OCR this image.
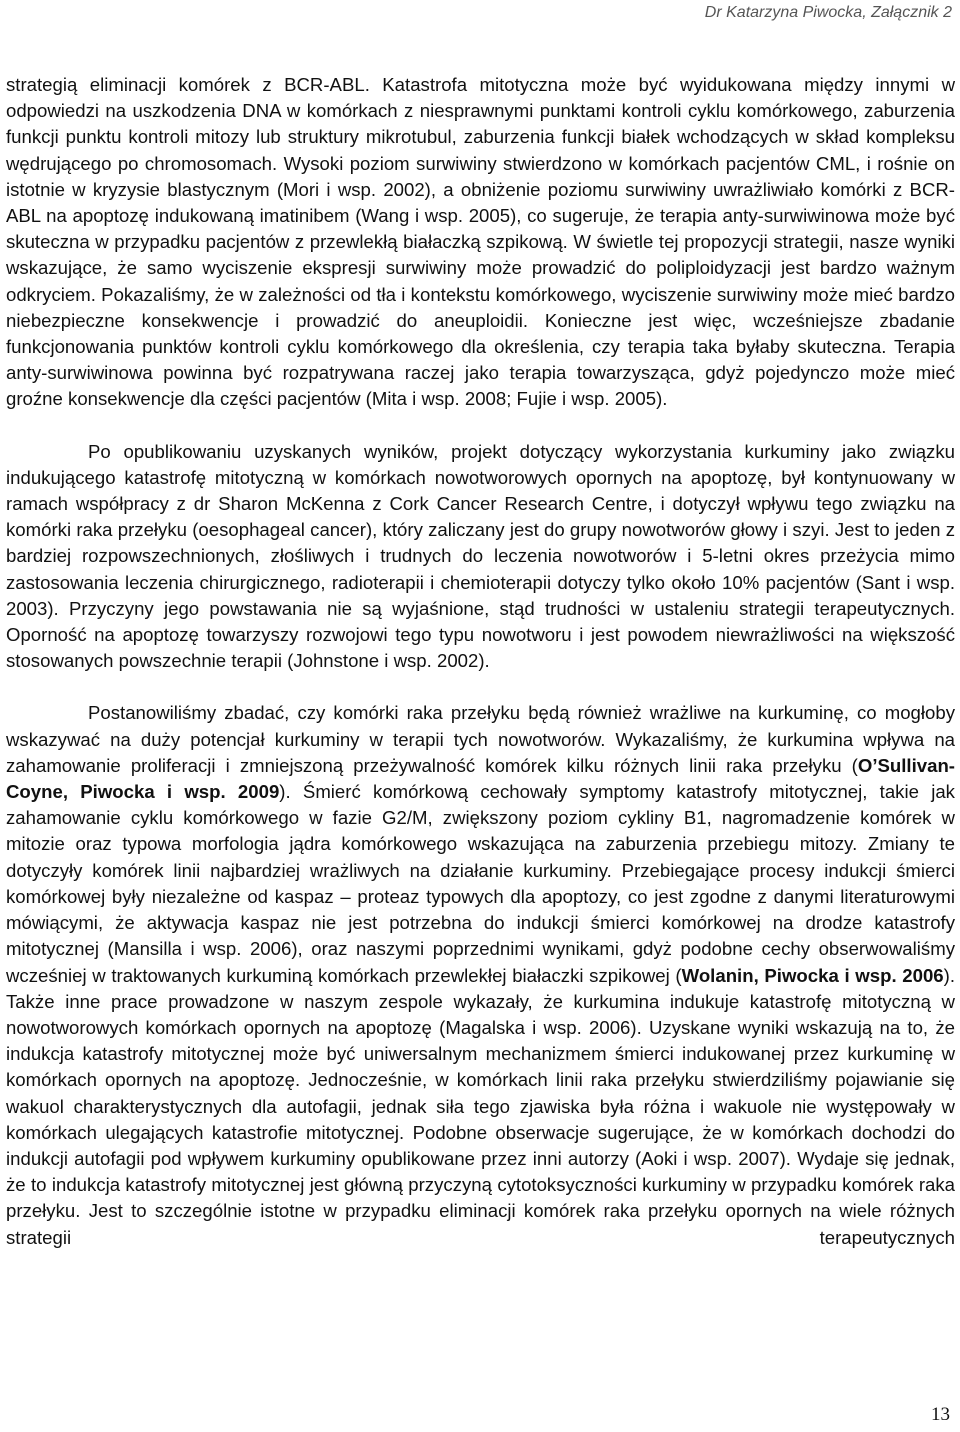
Dr Katarzyna Piwocka, Załącznik 2

strategią eliminacji komórek z BCR-ABL. Katastrofa mitotyczna może być wyidukowana między innymi w odpowiedzi na uszkodzenia DNA w komórkach z niesprawnymi punktami kontroli cyklu komórkowego, zaburzenia funkcji punktu kontroli mitozy lub struktury mikrotubul, zaburzenia funkcji białek wchodzących w skład kompleksu wędrującego po chromosomach. Wysoki poziom surwiwiny stwierdzono w komórkach pacjentów CML, i rośnie on istotnie w kryzysie blastycznym (Mori i wsp. 2002), a obniżenie poziomu surwiwiny uwrażliwiało komórki z BCR-ABL na apoptozę indukowaną imatinibem (Wang i wsp. 2005), co sugeruje, że terapia anty-surwiwinowa może być skuteczna w przypadku pacjentów z przewlekłą białaczką szpikową. W świetle tej propozycji strategii, nasze wyniki wskazujące, że samo wyciszenie ekspresji surwiwiny może prowadzić do poliploidyzacji jest bardzo ważnym odkryciem. Pokazaliśmy, że w zależności od tła i kontekstu komórkowego, wyciszenie surwiwiny może mieć bardzo niebezpieczne konsekwencje i prowadzić do aneuploidii. Konieczne jest więc, wcześniejsze zbadanie funkcjonowania punktów kontroli cyklu komórkowego dla określenia, czy terapia taka byłaby skuteczna. Terapia anty-surwiwinowa powinna być rozpatrywana raczej jako terapia towarzysząca, gdyż pojedynczo może mieć groźne konsekwencje dla części pacjentów (Mita i wsp. 2008; Fujie i wsp. 2005).

Po opublikowaniu uzyskanych wyników, projekt dotyczący wykorzystania kurkuminy jako związku indukującego katastrofę mitotyczną w komórkach nowotworowych opornych na apoptozę, był kontynuowany w ramach współpracy z dr Sharon McKenna z Cork Cancer Research Centre, i dotyczył wpływu tego związku na komórki raka przełyku (oesophageal cancer), który zaliczany jest do grupy nowotworów głowy i szyi. Jest to jeden z bardziej rozpowszechnionych, złośliwych i trudnych do leczenia nowotworów i 5-letni okres przeżycia mimo zastosowania leczenia chirurgicznego, radioterapii i chemioterapii dotyczy tylko około 10% pacjentów (Sant i wsp. 2003). Przyczyny jego powstawania nie są wyjaśnione, stąd trudności w ustaleniu strategii terapeutycznych. Oporność na apoptozę towarzyszy rozwojowi tego typu nowotworu i jest powodem niewrażliwości na większość stosowanych powszechnie terapii (Johnstone i wsp. 2002).

Postanowiliśmy zbadać, czy komórki raka przełyku będą również wrażliwe na kurkuminę, co mogłoby wskazywać na duży potencjał kurkuminy w terapii tych nowotworów. Wykazaliśmy, że kurkumina wpływa na zahamowanie proliferacji i zmniejszoną przeżywalność komórek kilku różnych linii raka przełyku (O’Sullivan-Coyne, Piwocka i wsp. 2009). Śmierć komórkową cechowały symptomy katastrofy mitotycznej, takie jak zahamowanie cyklu komórkowego w fazie G2/M, zwiększony poziom cykliny B1, nagromadzenie komórek w mitozie oraz typowa morfologia jądra komórkowego wskazująca na zaburzenia przebiegu mitozy. Zmiany te dotyczyły komórek linii najbardziej wrażliwych na działanie kurkuminy. Przebiegające procesy indukcji śmierci komórkowej były niezależne od kaspaz – proteaz typowych dla apoptozy, co jest zgodne z danymi literaturowymi mówiącymi, że aktywacja kaspaz nie jest potrzebna do indukcji śmierci komórkowej na drodze katastrofy mitotycznej (Mansilla i wsp. 2006), oraz naszymi poprzednimi wynikami, gdyż podobne cechy obserwowaliśmy wcześniej w traktowanych kurkuminą komórkach przewlekłej białaczki szpikowej (Wolanin, Piwocka i wsp. 2006). Także inne prace prowadzone w naszym zespole wykazały, że kurkumina indukuje katastrofę mitotyczną w nowotworowych komórkach opornych na apoptozę (Magalska i wsp. 2006). Uzyskane wyniki wskazują na to, że indukcja katastrofy mitotycznej może być uniwersalnym mechanizmem śmierci indukowanej przez kurkuminę w komórkach opornych na apoptozę. Jednocześnie, w komórkach linii raka przełyku stwierdziliśmy pojawianie się wakuol charakterystycznych dla autofagii, jednak siła tego zjawiska była różna i wakuole nie występowały w komórkach ulegających katastrofie mitotycznej. Podobne obserwacje sugerujące, że w komórkach dochodzi do indukcji autofagii pod wpływem kurkuminy opublikowane przez inni autorzy (Aoki i wsp. 2007). Wydaje się jednak, że to indukcja katastrofy mitotycznej jest główną przyczyną cytotoksyczności kurkuminy w przypadku komórek raka przełyku. Jest to szczególnie istotne w przypadku eliminacji komórek raka przełyku opornych na wiele różnych strategii terapeutycznych

13
